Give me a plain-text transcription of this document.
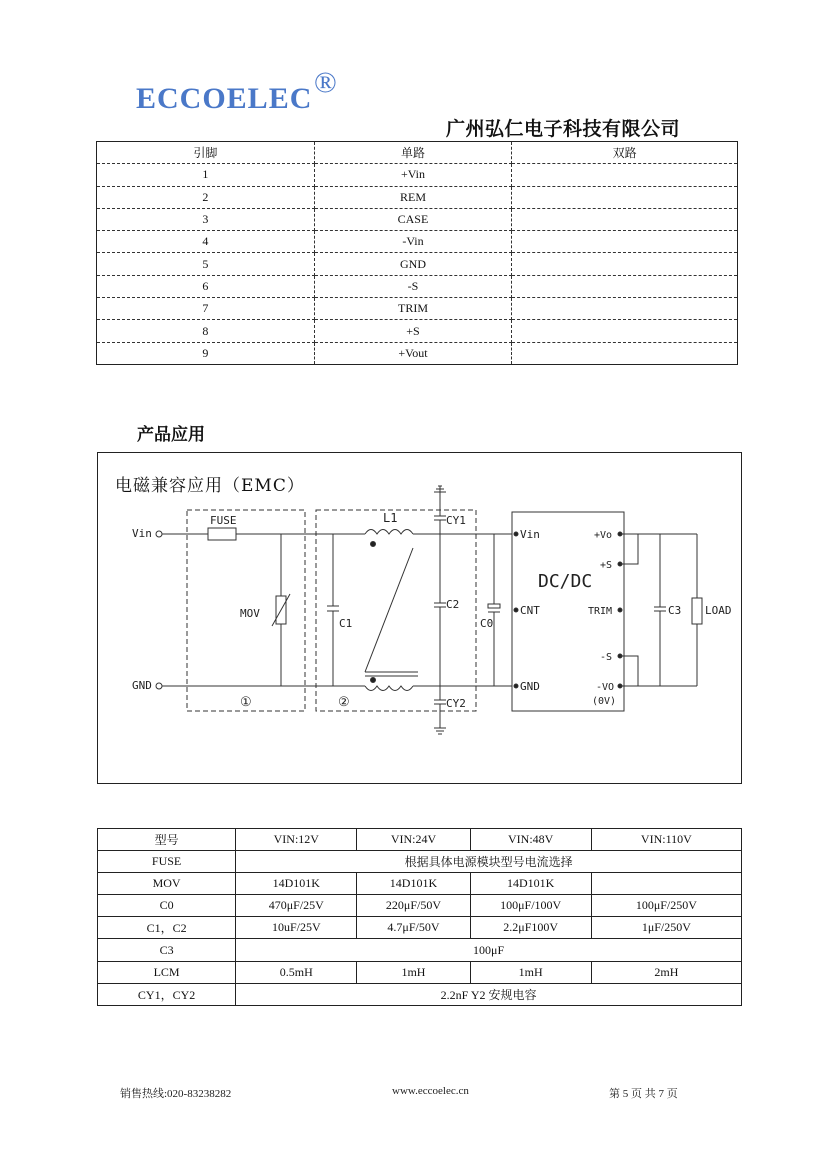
ECCOELEC ®
广州弘仁电子科技有限公司
引脚	单路	双路
1	+Vin	
2	REM	
3	CASE	
4	-Vin	
5	GND	
6	-S	
7	TRIM	
8	+S	
9	+Vout	
产品应用
电磁兼容应用（EMC）
Vin
GND
FUSE
MOV
C1
L1	CY1
C2
CY2
C0
DC/DC
Vin
CNT
GND
+Vo
+S
TRIM
-S
-VO
(0V)
C3 LOAD
①	②
型号	VIN:12V	VIN:24V	VIN:48V	VIN:110V
FUSE	根据具体电源模块型号电流选择			
MOV	14D101K	14D101K	14D101K	
C0	470μF/25V	220μF/50V	100μF/100V	100μF/250V
C1，C2	10uF/25V	4.7μF/50V	2.2μF100V	1μF/250V
C3	100μF			
LCM	0.5mH	1mH	1mH	2mH
CY1，CY2	2.2nF Y2 安规电容			
销售热线:020-83238282	www.eccoelec.cn	第 5 页 共 7 页
